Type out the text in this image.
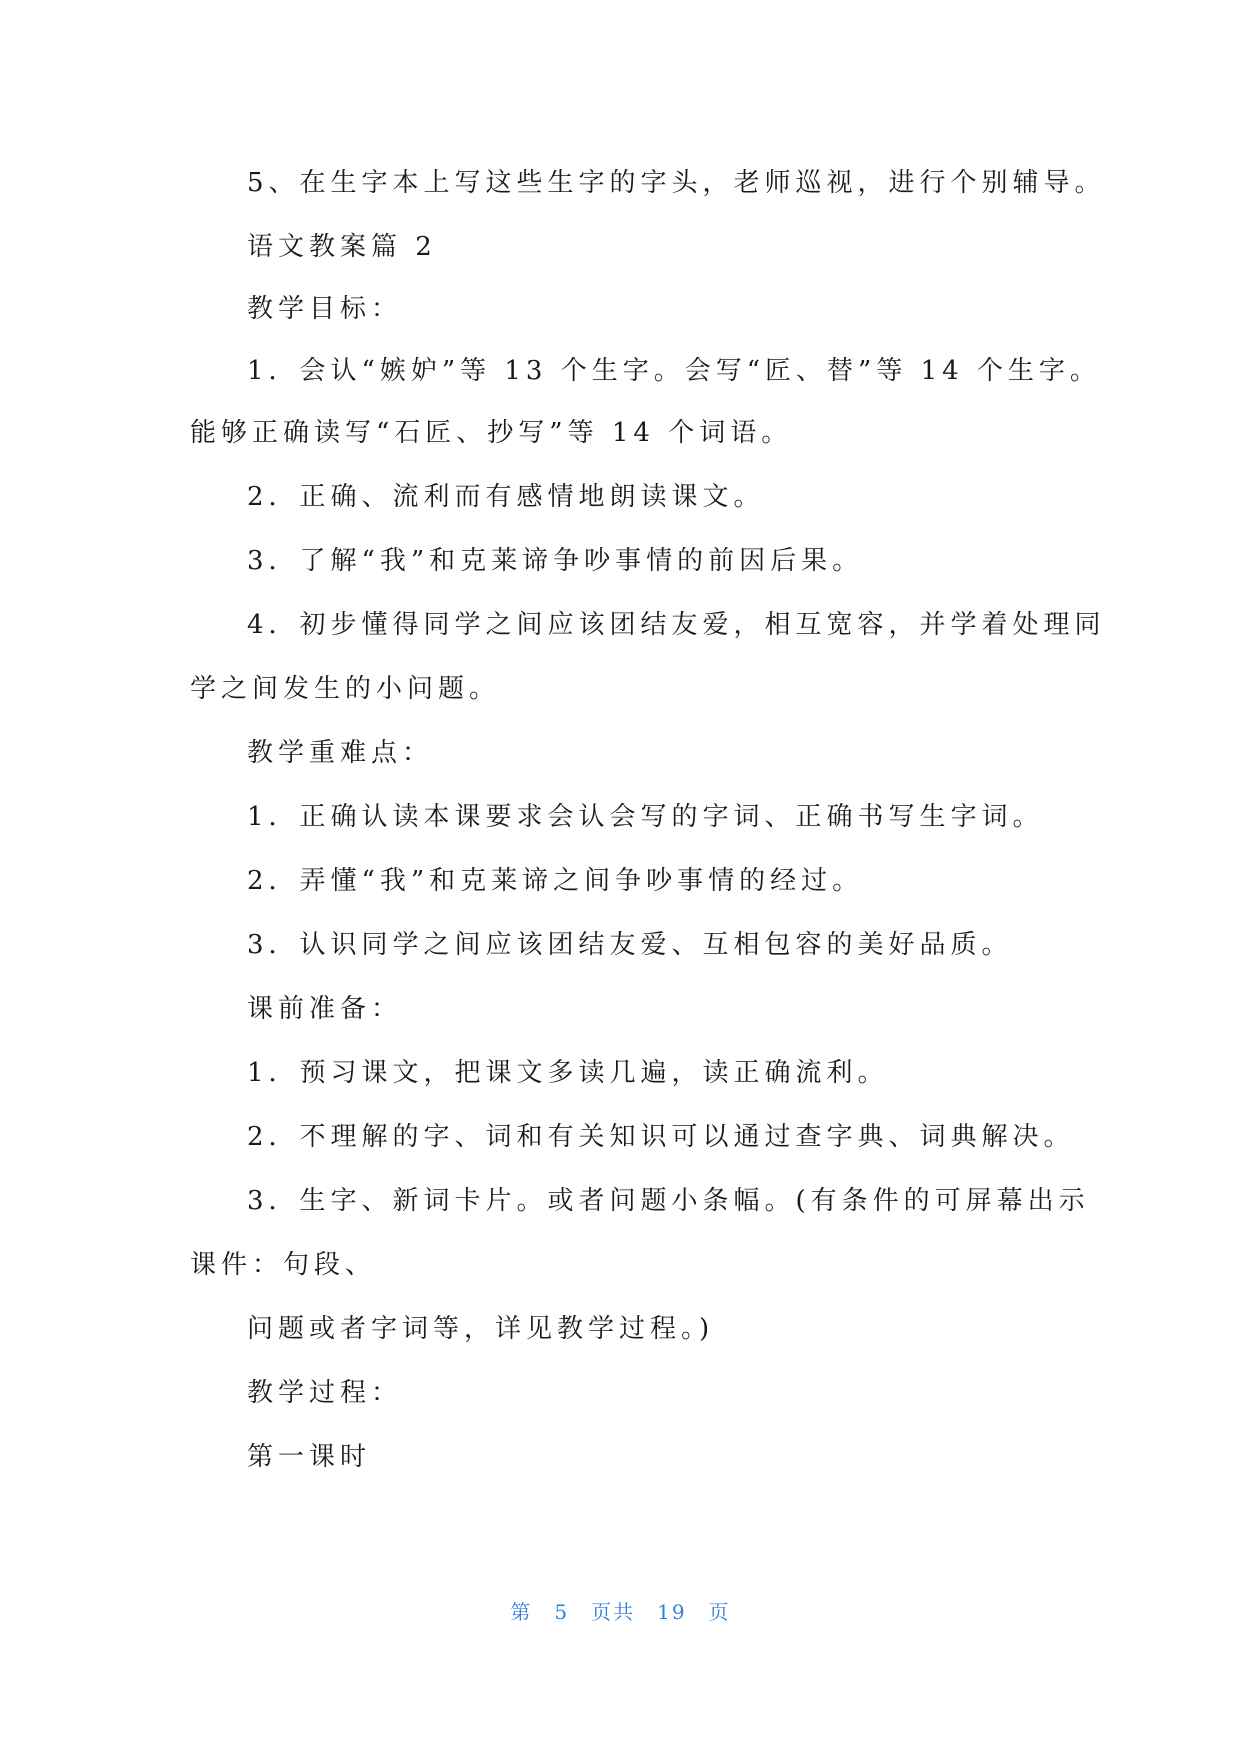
5、在生字本上写这些生字的字头，老师巡视，进行个别辅导。
语文教案篇 2
教学目标：
1．会认“嫉妒”等 13 个生字。会写“匠、替”等 14 个生字。
能够正确读写“石匠、抄写”等 14 个词语。
2．正确、流利而有感情地朗读课文。
3．了解“我”和克莱谛争吵事情的前因后果。
4．初步懂得同学之间应该团结友爱，相互宽容，并学着处理同
学之间发生的小问题。
教学重难点：
1．正确认读本课要求会认会写的字词、正确书写生字词。
2．弄懂“我”和克莱谛之间争吵事情的经过。
3．认识同学之间应该团结友爱、互相包容的美好品质。
课前准备：
1．预习课文，把课文多读几遍，读正确流利。
2．不理解的字、词和有关知识可以通过查字典、词典解决。
3．生字、新词卡片。或者问题小条幅。(有条件的可屏幕出示
课件：句段、
问题或者字词等，详见教学过程。)
教学过程：
第一课时
第 5 页共 19 页
